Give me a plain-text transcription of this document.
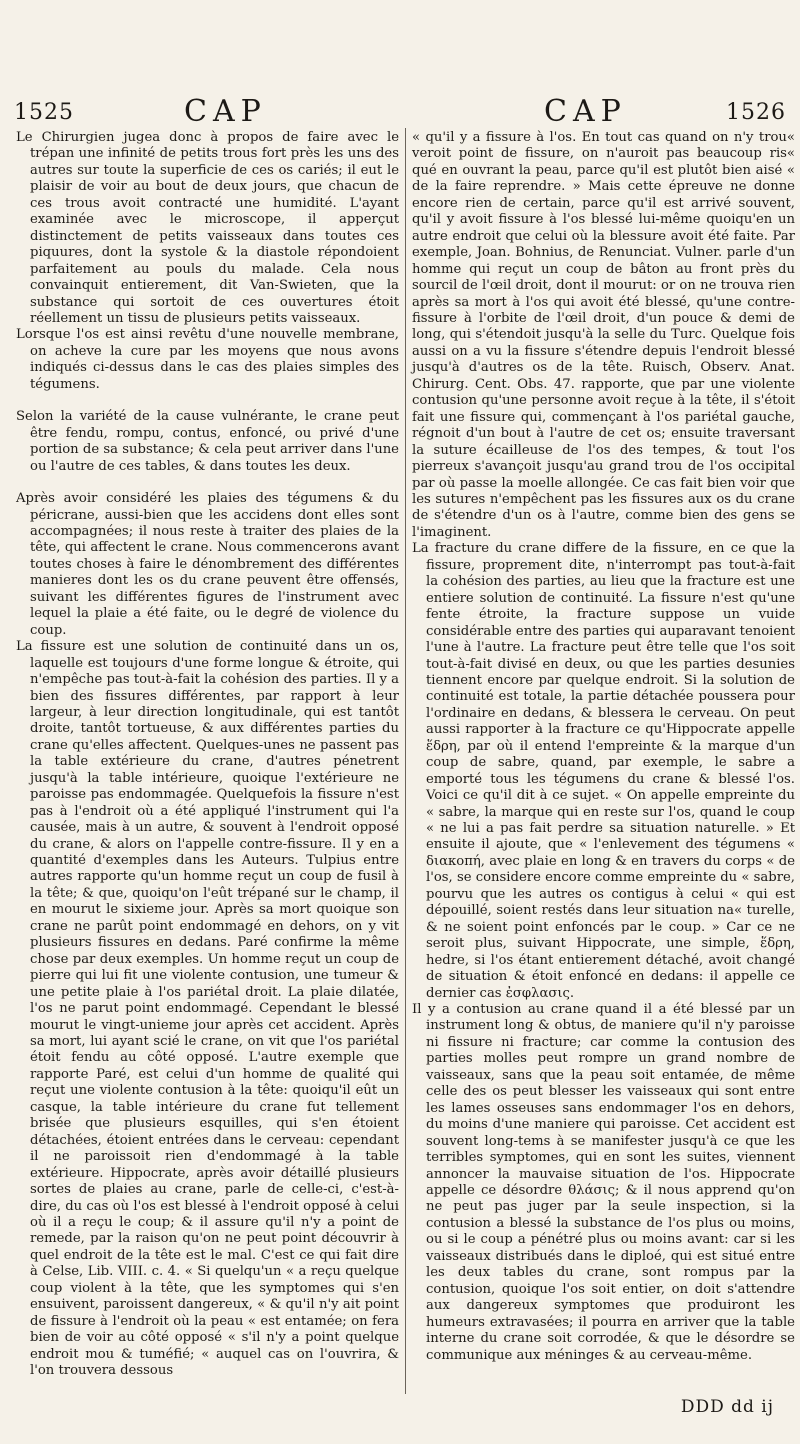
1525	CAP	CAP	1526

Le Chirurgien jugea donc à propos de faire avec le trépan une infinité de petits trous fort près les uns des autres sur toute la superficie de ces os cariés; il eut le plaisir de voir au bout de deux jours, que chacun de ces trous avoit contracté une humidité. L'ayant examinée avec le microscope, il apperçut distinctement de petits vaisseaux dans toutes ces piquures, dont la systole & la diastole répondoient parfaitement au pouls du malade. Cela nous convainquit entierement, dit Van-Swieten, que la substance qui sortoit de ces ouvertures étoit réellement un tissu de plusieurs petits vaisseaux.

Lorsque l'os est ainsi revêtu d'une nouvelle membrane, on acheve la cure par les moyens que nous avons indiqués ci-dessus dans le cas des plaies simples des tégumens.

Selon la variété de la cause vulnérante, le crane peut être fendu, rompu, contus, enfoncé, ou privé d'une portion de sa substance; & cela peut arriver dans l'une ou l'autre de ces tables, & dans toutes les deux.

Après avoir considéré les plaies des tégumens & du péricrane, aussi-bien que les accidens dont elles sont accompagnées; il nous reste à traiter des plaies de la tête, qui affectent le crane. Nous commencerons avant toutes choses à faire le dénombrement des différentes manieres dont les os du crane peuvent être offensés, suivant les différentes figures de l'instrument avec lequel la plaie a été faite, ou le degré de violence du coup.

La fissure est une solution de continuité dans un os, laquelle est toujours d'une forme longue & étroite, qui n'empêche pas tout-à-fait la cohésion des parties. Il y a bien des fissures différentes, par rapport à leur largeur, à leur direction longitudinale, qui est tantôt droite, tantôt tortueuse, & aux différentes parties du crane qu'elles affectent. Quelques-unes ne passent pas la table extérieure du crane, d'autres pénetrent jusqu'à la table intérieure, quoique l'extérieure ne paroisse pas endommagée. Quelquefois la fissure n'est pas à l'endroit où a été appliqué l'instrument qui l'a causée, mais à un autre, & souvent à l'endroit opposé du crane, & alors on l'appelle contre-fissure. Il y en a quantité d'exemples dans les Auteurs. Tulpius entre autres rapporte qu'un homme reçut un coup de fusil à la tête; & que, quoiqu'on l'eût trépané sur le champ, il en mourut le sixieme jour. Après sa mort quoique son crane ne parût point endommagé en dehors, on y vit plusieurs fissures en dedans. Paré confirme la même chose par deux exemples. Un homme reçut un coup de pierre qui lui fit une violente contusion, une tumeur & une petite plaie à l'os pariétal droit. La plaie dilatée, l'os ne parut point endommagé. Cependant le blessé mourut le vingt-unieme jour après cet accident. Après sa mort, lui ayant scié le crane, on vit que l'os pariétal étoit fendu au côté opposé. L'autre exemple que rapporte Paré, est celui d'un homme de qualité qui reçut une violente contusion à la tête: quoiqu'il eût un casque, la table intérieure du crane fut tellement brisée que plusieurs esquilles, qui s'en étoient détachées, étoient entrées dans le cerveau: cependant il ne paroissoit rien d'endommagé à la table extérieure. Hippocrate, après avoir détaillé plusieurs sortes de plaies au crane, parle de celle-ci, c'est-à-dire, du cas où l'os est blessé à l'endroit opposé à celui où il a reçu le coup; & il assure qu'il n'y a point de remede, par la raison qu'on ne peut point découvrir à quel endroit de la tête est le mal. C'est ce qui fait dire à Celse, Lib. VIII. c. 4. « Si quelqu'un « a reçu quelque coup violent à la tête, que les symptomes qui s'en ensuivent, paroissent dangereux, « & qu'il n'y ait point de fissure à l'endroit où la peau « est entamée; on fera bien de voir au côté opposé « s'il n'y a point quelque endroit mou & tuméfié; « auquel cas on l'ouvrira, & l'on trouvera dessous

« qu'il y a fissure à l'os. En tout cas quand on n'y trou« veroit point de fissure, on n'auroit pas beaucoup ris« qué en ouvrant la peau, parce qu'il est plutôt bien aisé « de la faire reprendre. » Mais cette épreuve ne donne encore rien de certain, parce qu'il est arrivé souvent, qu'il y avoit fissure à l'os blessé lui-même quoiqu'en un autre endroit que celui où la blessure avoit été faite. Par exemple, Joan. Bohnius, de Renunciat. Vulner. parle d'un homme qui reçut un coup de bâton au front près du sourcil de l'œil droit, dont il mourut: or on ne trouva rien après sa mort à l'os qui avoit été blessé, qu'une contre-fissure à l'orbite de l'œil droit, d'un pouce & demi de long, qui s'étendoit jusqu'à la selle du Turc. Quelque fois aussi on a vu la fissure s'étendre depuis l'endroit blessé jusqu'à d'autres os de la tête. Ruisch, Observ. Anat. Chirurg. Cent. Obs. 47. rapporte, que par une violente contusion qu'une personne avoit reçue à la tête, il s'étoit fait une fissure qui, commençant à l'os pariétal gauche, régnoit d'un bout à l'autre de cet os; ensuite traversant la suture écailleuse de l'os des tempes, & tout l'os pierreux s'avançoit jusqu'au grand trou de l'os occipital par où passe la moelle allongée. Ce cas fait bien voir que les sutures n'empêchent pas les fissures aux os du crane de s'étendre d'un os à l'autre, comme bien des gens se l'imaginent.

La fracture du crane differe de la fissure, en ce que la fissure, proprement dite, n'interrompt pas tout-à-fait la cohésion des parties, au lieu que la fracture est une entiere solution de continuité. La fissure n'est qu'une fente étroite, la fracture suppose un vuide considérable entre des parties qui auparavant tenoient l'une à l'autre. La fracture peut être telle que l'os soit tout-à-fait divisé en deux, ou que les parties desunies tiennent encore par quelque endroit. Si la solution de continuité est totale, la partie détachée poussera pour l'ordinaire en dedans, & blessera le cerveau. On peut aussi rapporter à la fracture ce qu'Hippocrate appelle ἕδρη, par où il entend l'empreinte & la marque d'un coup de sabre, quand, par exemple, le sabre a emporté tous les tégumens du crane & blessé l'os. Voici ce qu'il dit à ce sujet. « On appelle empreinte du « sabre, la marque qui en reste sur l'os, quand le coup « ne lui a pas fait perdre sa situation naturelle. » Et ensuite il ajoute, que « l'enlevement des tégumens « διακοπή, avec plaie en long & en travers du corps « de l'os, se considere encore comme empreinte du « sabre, pourvu que les autres os contigus à celui « qui est dépouillé, soient restés dans leur situation na« turelle, & ne soient point enfoncés par le coup. » Car ce ne seroit plus, suivant Hippocrate, une simple, ἕδρη, hedre, si l'os étant entierement détaché, avoit changé de situation & étoit enfoncé en dedans: il appelle ce dernier cas ἐσφλασις.

Il y a contusion au crane quand il a été blessé par un instrument long & obtus, de maniere qu'il n'y paroisse ni fissure ni fracture; car comme la contusion des parties molles peut rompre un grand nombre de vaisseaux, sans que la peau soit entamée, de même celle des os peut blesser les vaisseaux qui sont entre les lames osseuses sans endommager l'os en dehors, du moins d'une maniere qui paroisse. Cet accident est souvent long-tems à se manifester jusqu'à ce que les terribles symptomes, qui en sont les suites, viennent annoncer la mauvaise situation de l'os. Hippocrate appelle ce désordre θλάσις; & il nous apprend qu'on ne peut pas juger par la seule inspection, si la contusion a blessé la substance de l'os plus ou moins, ou si le coup a pénétré plus ou moins avant: car si les vaisseaux distribués dans le diploé, qui est situé entre les deux tables du crane, sont rompus par la contusion, quoique l'os soit entier, on doit s'attendre aux dangereux symptomes que produiront les humeurs extravasées; il pourra en arriver que la table interne du crane soit corrodée, & que le désordre se communique aux méninges & au cerveau-même.

DDD dd ij
